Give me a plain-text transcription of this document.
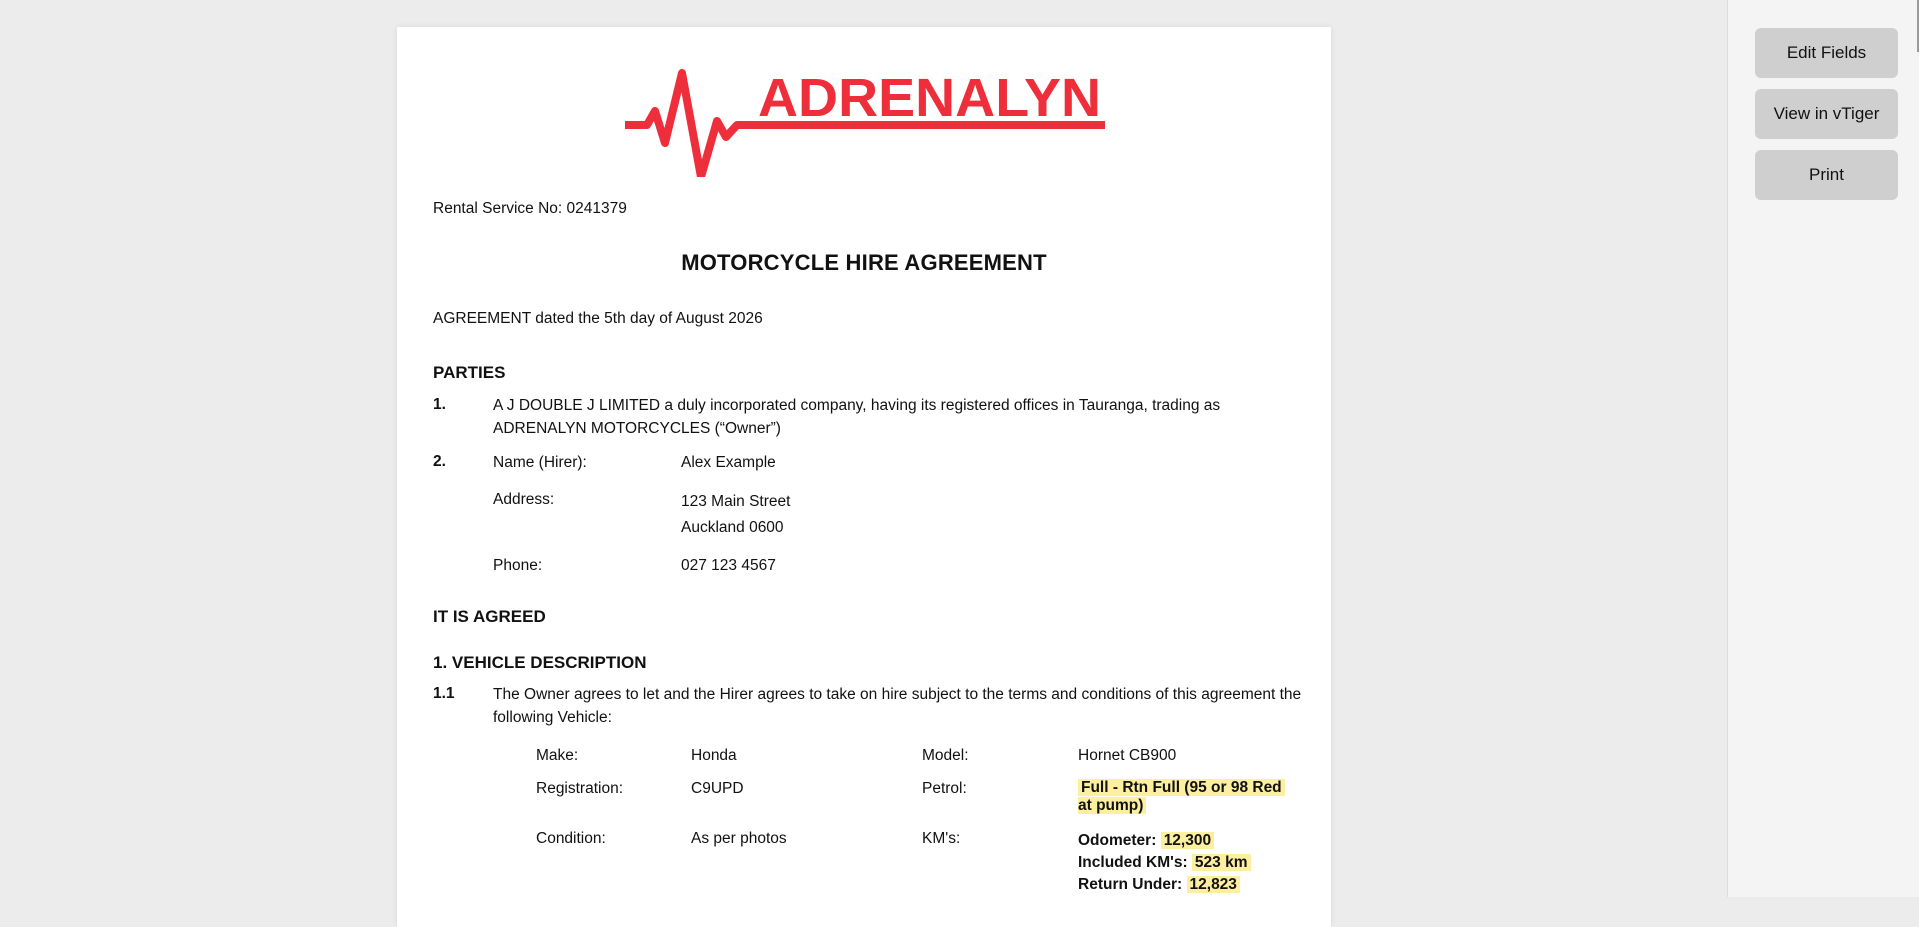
ADRENALYN
Rental Service No: 0241379
MOTORCYCLE HIRE AGREEMENT
AGREEMENT dated the 5th day of August 2026
PARTIES
1.	A J DOUBLE J LIMITED a duly incorporated company, having its registered offices in Tauranga, trading as
ADRENALYN MOTORCYCLES (“Owner”)
2.	Name (Hirer):	Alex Example
Address:	123 Main Street
Auckland 0600
Phone:	027 123 4567
IT IS AGREED
1. VEHICLE DESCRIPTION
1.1 The Owner agrees to let and the Hirer agrees to take on hire subject to the terms and conditions of this agreement the
following Vehicle:
Make:	Honda	Model:	Hornet CB900
Registration:	C9UPD	Petrol:	Full - Rtn Full (95 or 98 Red
at pump)
Condition:	As per photos	KM's:	Odometer: 12,300
Included KM's: 523 km
Return Under: 12,823
Edit Fields
View in vTiger
Print
